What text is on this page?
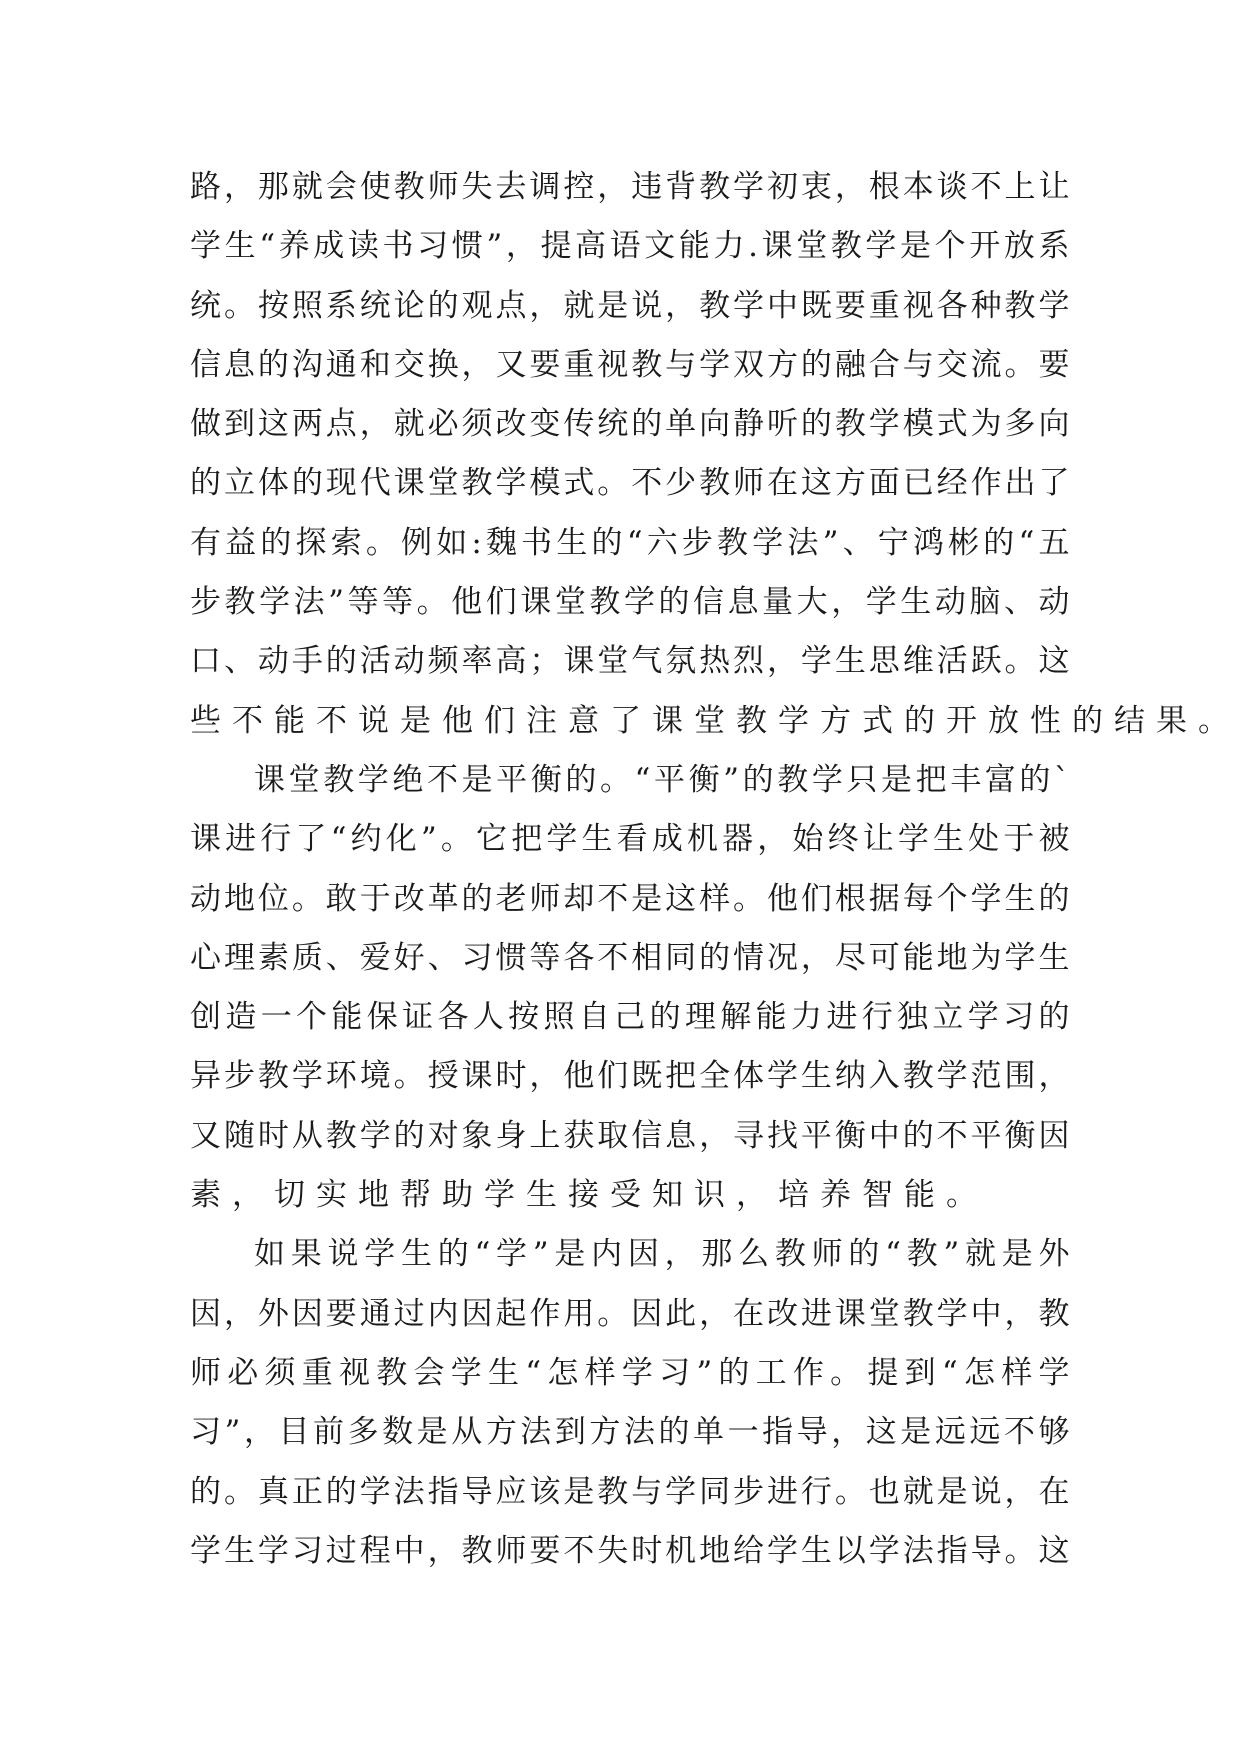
路，那就会使教师失去调控，违背教学初衷，根本谈不上让
学生“养成读书习惯”，提高语文能力.课堂教学是个开放系
统。按照系统论的观点，就是说，教学中既要重视各种教学
信息的沟通和交换，又要重视教与学双方的融合与交流。要
做到这两点，就必须改变传统的单向静听的教学模式为多向
的立体的现代课堂教学模式。不少教师在这方面已经作出了
有益的探索。例如:魏书生的“六步教学法”、宁鸿彬的“五
步教学法”等等。他们课堂教学的信息量大，学生动脑、动
口、动手的活动频率高；课堂气氛热烈，学生思维活跃。这
些不能不说是他们注意了课堂教学方式的开放性的结果。
课堂教学绝不是平衡的。“平衡”的教学只是把丰富的`
课进行了“约化”。它把学生看成机器，始终让学生处于被
动地位。敢于改革的老师却不是这样。他们根据每个学生的
心理素质、爱好、习惯等各不相同的情况，尽可能地为学生
创造一个能保证各人按照自己的理解能力进行独立学习的
异步教学环境。授课时，他们既把全体学生纳入教学范围，
又随时从教学的对象身上获取信息，寻找平衡中的不平衡因
素，切实地帮助学生接受知识，培养智能。
如果说学生的“学”是内因，那么教师的“教”就是外
因，外因要通过内因起作用。因此，在改进课堂教学中，教
师必须重视教会学生“怎样学习”的工作。提到“怎样学
习”，目前多数是从方法到方法的单一指导，这是远远不够
的。真正的学法指导应该是教与学同步进行。也就是说，在
学生学习过程中，教师要不失时机地给学生以学法指导。这
